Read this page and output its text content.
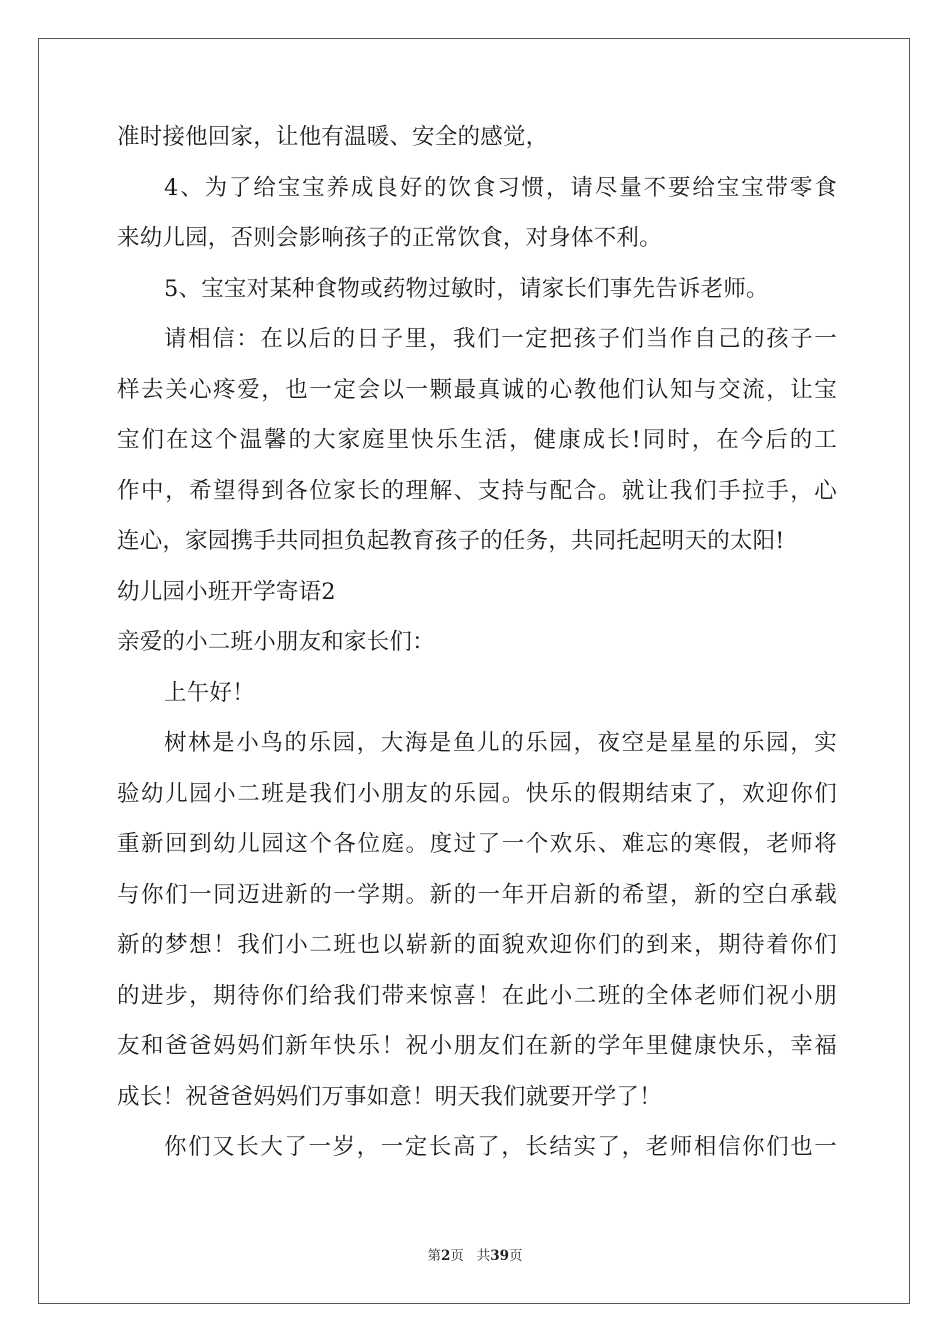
准时接他回家，让他有温暖、安全的感觉，
4、为了给宝宝养成良好的饮食习惯，请尽量不要给宝宝带零食
来幼儿园，否则会影响孩子的正常饮食，对身体不利。
5、宝宝对某种食物或药物过敏时，请家长们事先告诉老师。
请相信：在以后的日子里，我们一定把孩子们当作自己的孩子一
样去关心疼爱，也一定会以一颗最真诚的心教他们认知与交流，让宝
宝们在这个温馨的大家庭里快乐生活，健康成长!同时，在今后的工
作中，希望得到各位家长的理解、支持与配合。就让我们手拉手，心
连心，家园携手共同担负起教育孩子的任务，共同托起明天的太阳!
幼儿园小班开学寄语2
亲爱的小二班小朋友和家长们：
上午好！
树林是小鸟的乐园，大海是鱼儿的乐园，夜空是星星的乐园，实
验幼儿园小二班是我们小朋友的乐园。快乐的假期结束了，欢迎你们
重新回到幼儿园这个各位庭。度过了一个欢乐、难忘的寒假，老师将
与你们一同迈进新的一学期。新的一年开启新的希望，新的空白承载
新的梦想！我们小二班也以崭新的面貌欢迎你们的到来，期待着你们
的进步，期待你们给我们带来惊喜！在此小二班的全体老师们祝小朋
友和爸爸妈妈们新年快乐！祝小朋友们在新的学年里健康快乐，幸福
成长！祝爸爸妈妈们万事如意！明天我们就要开学了！
你们又长大了一岁，一定长高了，长结实了，老师相信你们也一
第2页 共39页
